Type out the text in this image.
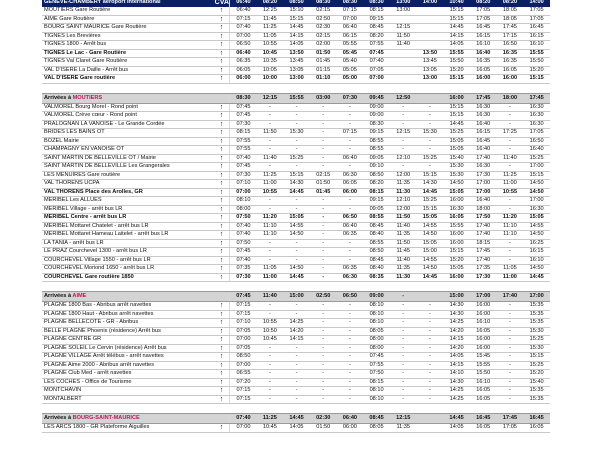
GENEVE-CHAMBERY aéroport international	CVA	06:40	08:20	08:50	08:30	08:30	08:30	13:00	14:00	10:40	08:20	08:20	14:00
MOUTIERS Gare Routière	↑	06:40	12:25	15:10	02:15	07:15	08:15	13:00		15:15	17:05	18:05	17:05
AIME Gare Routière	↑	07:15	11:45	15:15	02:50	07:00	09:15			15:15	17:05	18:05	17:05
BOURG SAINT MAURICE Gare Routière	↑	07:40	11:25	14:45	02:30	06:40	08:45	12:15		14:45	16:45	17:45	16:45
TIGNES Les Brevières	↑	07:00	11:05	14:15	02:15	06:15	08:20	11:50		14:15	16:15	17:15	16:15
TIGNES 1800 - Arrêt bus	↑	06:50	10:55	14:05	02:00	05:55	07:55	11:40		14:05	16:10	16:50	16:10
TIGNES Le Lac - Gare Routière	↑	06:40	10:45	13:50	01:50	05:45	07:45		13:50	15:55	16:40	16:35	15:55
TIGNES Val Claret Gare Routière	↑	06:35	10:35	13:45	01:45	05:40	07:40		13:45	15:50	16:35	16:35	15:50
VAL D'ISERE La Daille - Arrêt bus	↑	06:05	10:05	13:05	01:15	05:05	07:05		13:05	15:20	16:05	16:05	15:20
VAL D'ISERE Gare routière	↑	06:00	10:00	13:00	01:10	05:00	07:00		13:00	15:15	16:00	16:00	15:15

Arrivées à MOUTIERS		08:30	12:15	15:55	03:00	07:30	09:45	12:50		16:00	17:45	18:00	17:45
VALMOREL Bourg Morel - Rond point	↑	07:45	-	-	-	-	09:00	-	-	15:15	16:30	-	16:30
VALMOREL Crève cœur - Rond point	↑	07:45	-	-	-	-	09:00	-	-	15:15	16:30	-	16:30
PRALOGNAN LA VANOISE - Le Grande Cordée	↑	07:30	-	-	-	-	08:30	-	-	14:45	16:40	-	16:30
BRIDES LES BAINS OT	↑	08:15	11:50	15:30	-	07:15	09:15	12:15	15:30	15:25	16:15	17:25	17:05
BOZEL Mairie	↑	07:55	-	-	-	-	08:55	-	-	15:05	16:45	-	16:50
CHAMPAGNY EN VANOISE OT	↑	07:55	-	-	-	-	08:55	-	-	15:05	16:40	-	16:40
SAINT MARTIN DE BELLEVILLE OT / Mairie	↑	07:40	11:40	15:25	-	06:40	09:05	12:10	15:25	15:40	17:40	11:40	15:25
SAINT MARTIN DE BELLEVILLE Les Grangerales	↑	07:45	-	-	-	-	09:10	-	-	15:30	16:30	-	17:00
LES MENUIRES Gare routière	↑	07:30	11:25	15:15	02:15	06:30	08:50	12:00	15:15	15:30	17:30	11:25	15:15
VAL THORENS UCPA	↑	07:10	11:00	14:30	01:50	06:05	08:20	11:35	14:30	14:50	17:00	11:00	14:50
VAL THORENS Place des Arolles, GR	↑	07:00	10:55	14:45	01:45	06:00	08:15	11:30	14:45	15:05	17:00	10:55	14:50
MERIBEL Les ALLUES	↑	08:10	-	-	-	-	09:15	12:10	15:25	16:00	16:40	-	17:00
MERIBEL Village - arrêt bus LR	↑	08:00	-	-	-	-	09:05	12:00	15:15	16:30	18:00	-	16:30
MERIBEL Centre - arrêt bus LR	↑	07:50	11:20	15:05	-	06:50	08:55	11:50	15:05	16:05	17:50	11:20	15:05
MERIBEL Mottaret Chatelet - arrêt bus LR	↑	07:40	11:10	14:55	-	06:40	08:45	11:40	14:55	15:55	17:40	11:10	14:55
MERIBEL Mottaret Hameau Laitelet - arrêt bus LR	↑	07:40	11:10	14:50	-	06:35	08:40	11:35	14:50	16:00	17:40	11:10	14:50
LA TANIA - arrêt bus LR	↑	07:50	-	-	-	-	08:55	11:50	15:05	16:00	18:15	-	16:25
LE PRAZ Courchevel 1300 - arrêt bus LR	↑	07:45	-	-	-	-	08:50	11:45	15:00	15:15	17:45	-	16:15
COURCHEVEL Village 1550 - arrêt bus LR	↑	07:40	-	-	-	-	08:45	11:40	14:55	15:20	17:40	-	16:10
COURCHEVEL Moriond 1650 - arrêt bus LR	↑	07:35	11:05	14:50	-	06:35	08:40	11:35	14:50	15:05	17:35	11:05	14:50
COURCHEVEL Gare routière 1850	↑	07:30	11:00	14:45	-	06:30	08:35	11:30	14:45	16:00	17:30	11:00	14:45

Arrivées à AIME		07:45	11:40	15:00	02:50	06:50	09:00	-		15:00	17:00	17:40	17:00
PLAGNE 1800 Bas - Abribus arrêt navettes	↑	07:15	-	-	-	-	08:10	-	-	14:30	16:00	-	15:35
PLAGNE 1800 Haut - Abribus arrêt navettes	↑	07:15	-	-	-	-	08:10	-	-	14:30	16:00	-	15:35
PLAGNE BELLECOTE - GR - Abribus	↑	07:10	10:55	14:25	-	-	08:10	-	-	14:25	16:10	-	15:35
BELLE PLAGNE Phoenix (résidence) Arrêt bus	↑	07:05	10:50	14:20	-	-	08:05	-	-	14:20	16:05	-	15:30
PLAGNE CENTRE GR	↑	07:00	10:45	14:15	-	-	08:00	-	-	14:15	16:00	-	15:25
PLAGNE SOLEIL Le Cervin (résidence) Arrêt bus	↑	07:05	-	-	-	-	08:00	-	-	14:20	16:00	-	15:30
PLAGNE VILLAGE Arrêt télébus - arrêt navettes	↑	08:50	-	-	-	-	07:45	-	-	14:05	15:45	-	15:15
PLAGNE Aime 2000 - Abribus arrêt navettes	↑	07:00	-	-	-	-	07:55	-	-	14:15	15:55	-	15:25
PLAGNE Club Med - arrêt navettes	↑	06:55	-	-	-	-	07:50	-	-	14:10	15:50	-	15:20
LES COCHES - Office de Tourisme	↑	07:20	-	-	-	-	08:15	-	-	14:30	16:10	-	15:40
MONTCHAVIN	↑	07:15	-	-	-	-	08:10	-	-	14:25	16:05	-	15:35
MONTALBERT	↑	07:15	-	-	-	-	08:10	-	-	14:25	16:05	-	15:35

Arrivées à BOURG-SAINT-MAURICE		07:40	11:25	14:45	02:30	06:40	08:45	12:15		14:45	16:45	17:45	16:45
LES ARCS 1800 - GR Plateforme Aiguilles	↑	07:00	10:45	14:05	01:50	06:00	08:05	11:35		14:05	16:05	17:05	16:05
